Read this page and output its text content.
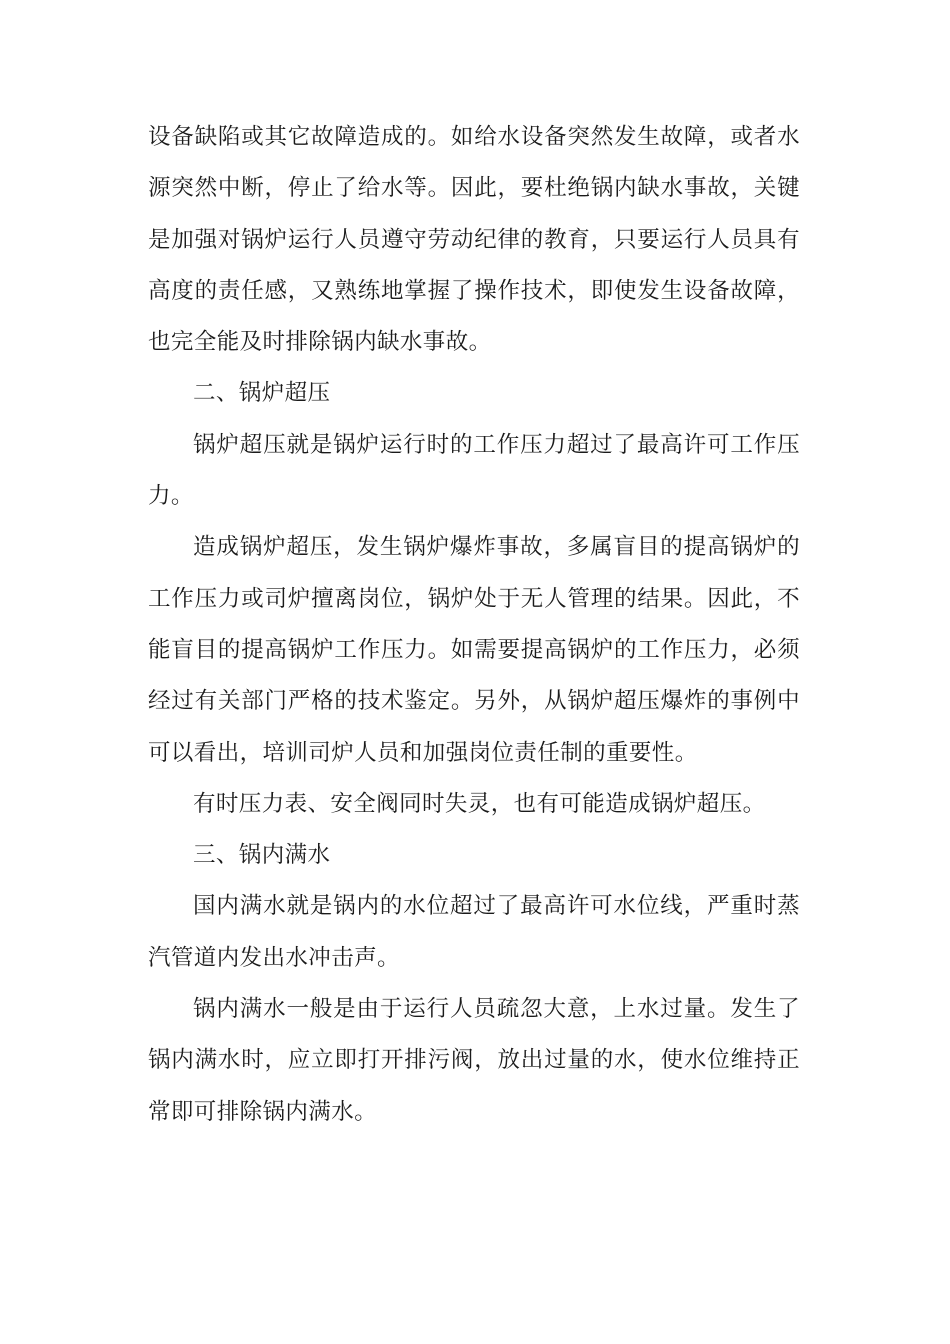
设备缺陷或其它故障造成的。如给水设备突然发生故障，或者水源突然中断，停止了给水等。因此，要杜绝锅内缺水事故，关键是加强对锅炉运行人员遵守劳动纪律的教育，只要运行人员具有高度的责任感，又熟练地掌握了操作技术，即使发生设备故障，也完全能及时排除锅内缺水事故。

二、锅炉超压

锅炉超压就是锅炉运行时的工作压力超过了最高许可工作压力。

造成锅炉超压，发生锅炉爆炸事故，多属盲目的提高锅炉的工作压力或司炉擅离岗位，锅炉处于无人管理的结果。因此，不能盲目的提高锅炉工作压力。如需要提高锅炉的工作压力，必须经过有关部门严格的技术鉴定。另外，从锅炉超压爆炸的事例中可以看出，培训司炉人员和加强岗位责任制的重要性。

有时压力表、安全阀同时失灵，也有可能造成锅炉超压。

三、锅内满水

国内满水就是锅内的水位超过了最高许可水位线，严重时蒸汽管道内发出水冲击声。

锅内满水一般是由于运行人员疏忽大意，上水过量。发生了锅内满水时，应立即打开排污阀，放出过量的水，使水位维持正常即可排除锅内满水。
